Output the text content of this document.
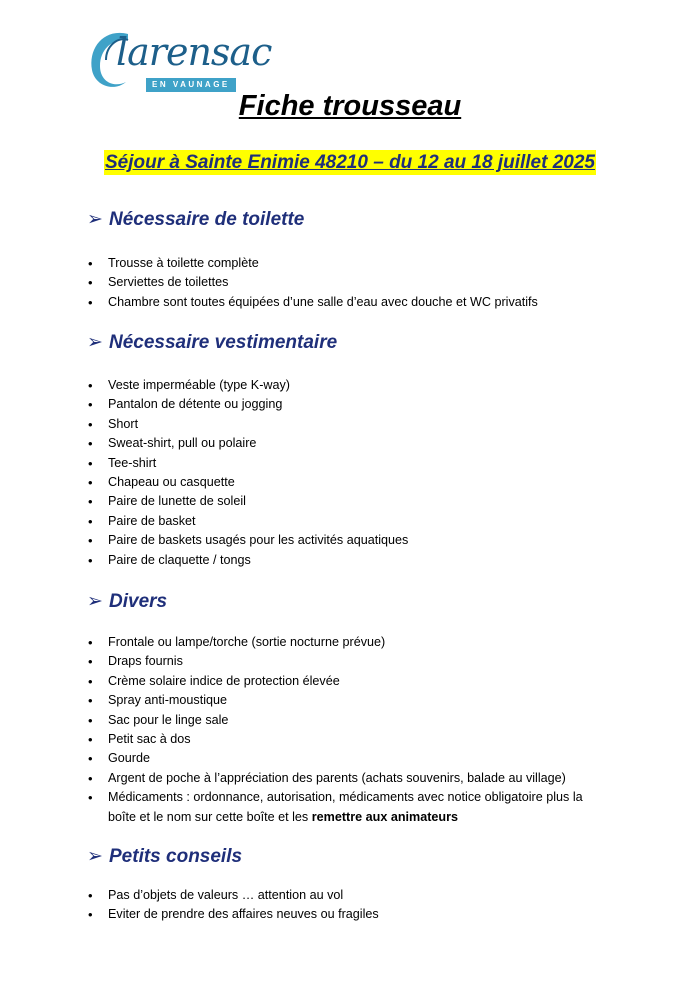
larensac
EN VAUNAGE
Fiche trousseau
Séjour à Sainte Enimie 48210 – du 12 au 18 juillet 2025
➢ Nécessaire de toilette
• Trousse à toilette complète
• Serviettes de toilettes
• Chambre sont toutes équipées d’une salle d’eau avec douche et WC privatifs
➢ Nécessaire vestimentaire
• Veste imperméable (type K-way)
• Pantalon de détente ou jogging
• Short
• Sweat-shirt, pull ou polaire
• Tee-shirt
• Chapeau ou casquette
• Paire de lunette de soleil
• Paire de basket
• Paire de baskets usagés pour les activités aquatiques
• Paire de claquette / tongs
➢ Divers
• Frontale ou lampe/torche (sortie nocturne prévue)
• Draps fournis
• Crème solaire indice de protection élevée
• Spray anti-moustique
• Sac pour le linge sale
• Petit sac à dos
• Gourde
• Argent de poche à l’appréciation des parents (achats souvenirs, balade au village)
• Médicaments : ordonnance, autorisation, médicaments avec notice obligatoire plus la boîte et le nom sur cette boîte et les remettre aux animateurs
➢ Petits conseils
• Pas d’objets de valeurs … attention au vol
• Eviter de prendre des affaires neuves ou fragiles
